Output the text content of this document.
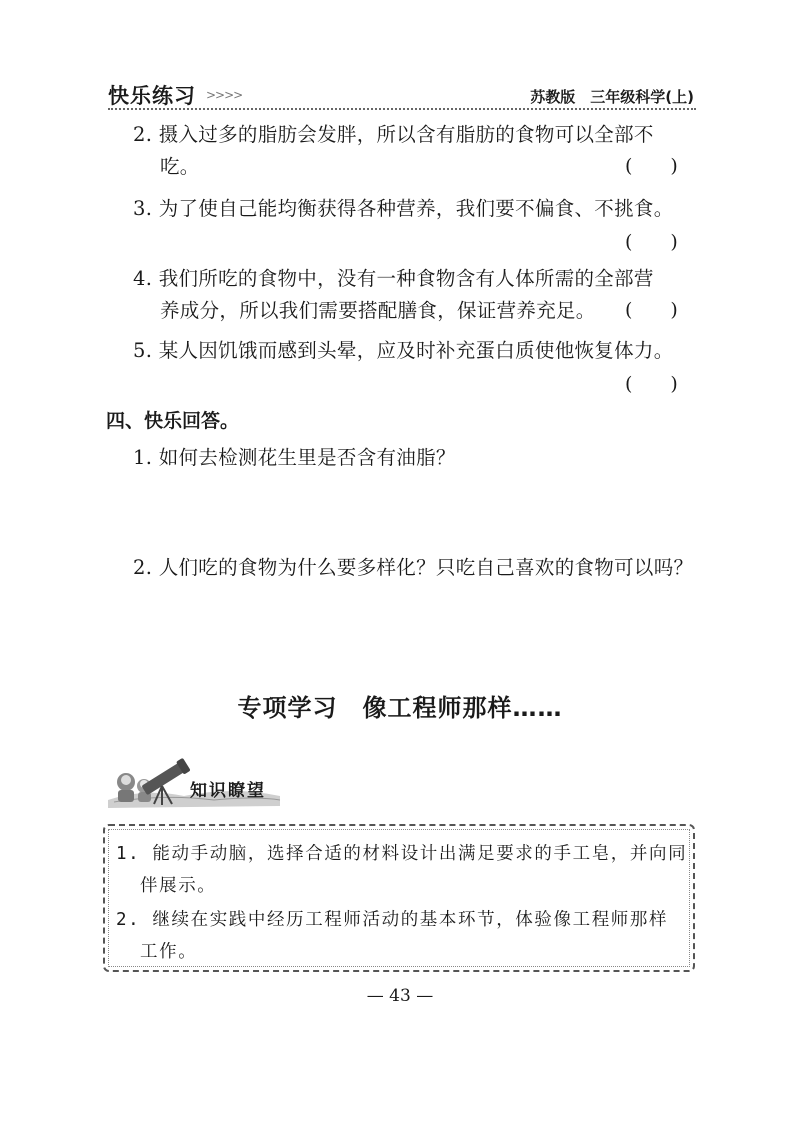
快乐练习 >>>>	苏教版　三年级科学(上)
2. 摄入过多的脂肪会发胖，所以含有脂肪的食物可以全部不
吃。	(　　)
3. 为了使自己能均衡获得各种营养，我们要不偏食、不挑食。
(　　)
4. 我们所吃的食物中，没有一种食物含有人体所需的全部营
养成分，所以我们需要搭配膳食，保证营养充足。 (　　)
5. 某人因饥饿而感到头晕，应及时补充蛋白质使他恢复体力。
(　　)
四、快乐回答。
1. 如何去检测花生里是否含有油脂？
2. 人们吃的食物为什么要多样化？只吃自己喜欢的食物可以吗？
专项学习　像工程师那样……
知识瞭望
1. 能动手动脑，选择合适的材料设计出满足要求的手工皂，并向同
伴展示。
2. 继续在实践中经历工程师活动的基本环节，体验像工程师那样
工作。
— 43 —
